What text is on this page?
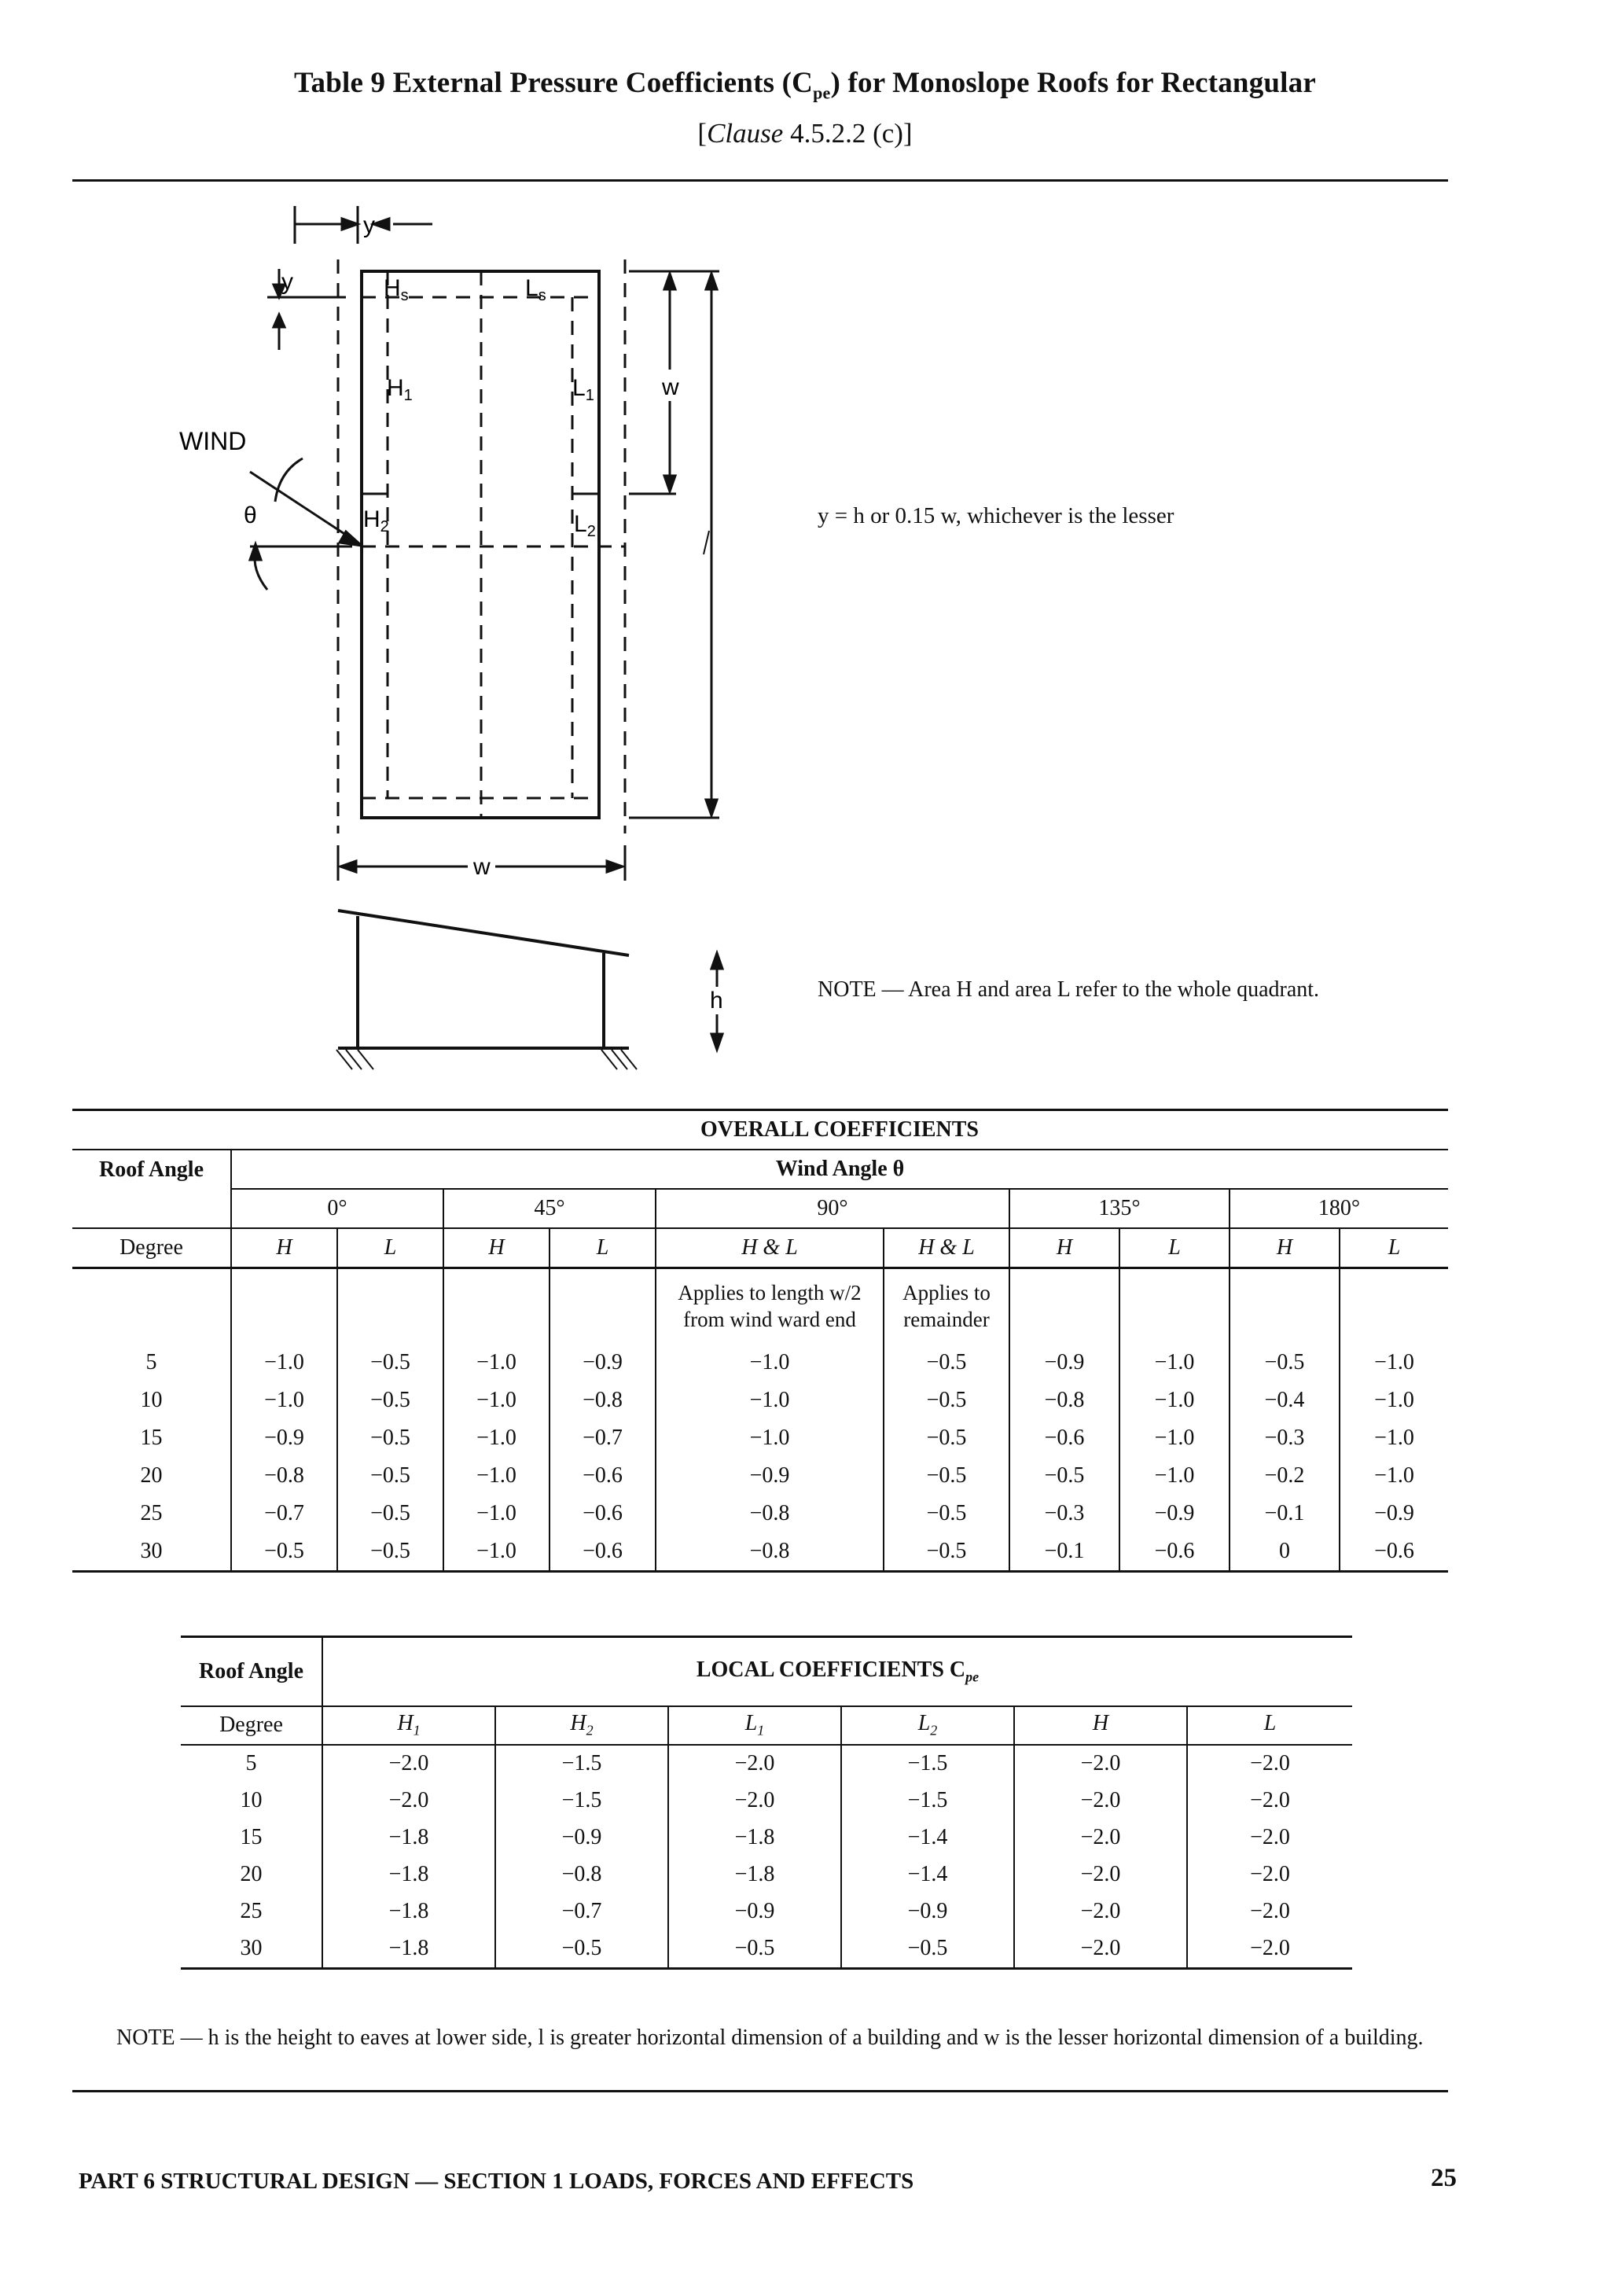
Table 9 External Pressure Coefficients $(C_{pe})$ for Monoslope Roofs for Rectangular
[Clause 4.5.2.2 (c)]
y
y	$H_s$	$L_s$
$H_1$	$L_1$
$H_2$	$L_2$
w
w
WIND
θ
h
y = h or 0.15 w, whichever is the lesser
NOTE — Area H and area L refer to the whole quadrant.
	OVERALL COEFFICIENTS									
Roof Angle	Wind Angle θ									
	0°		45°		90°		135°		180°	
Degree	H	L	H	L	H & L	H & L	H	L	H	L
					Applies to length w/2 from wind ward end	Applies to remainder				
5	−1.0	−0.5	−1.0	−0.9	−1.0	−0.5	−0.9	−1.0	−0.5	−1.0
10	−1.0	−0.5	−1.0	−0.8	−1.0	−0.5	−0.8	−1.0	−0.4	−1.0
15	−0.9	−0.5	−1.0	−0.7	−1.0	−0.5	−0.6	−1.0	−0.3	−1.0
20	−0.8	−0.5	−1.0	−0.6	−0.9	−0.5	−0.5	−1.0	−0.2	−1.0
25	−0.7	−0.5	−1.0	−0.6	−0.8	−0.5	−0.3	−0.9	−0.1	−0.9
30	−0.5	−0.5	−1.0	−0.6	−0.8	−0.5	−0.1	−0.6	0	−0.6
Roof Angle	LOCAL COEFFICIENTS $C_{pe}$
Degree	$H_1$	$H_2$	$L_1$	$L_2$	H	L
5	−2.0	−1.5	−2.0	−1.5	−2.0	−2.0
10	−2.0	−1.5	−2.0	−1.5	−2.0	−2.0
15	−1.8	−0.9	−1.8	−1.4	−2.0	−2.0
20	−1.8	−0.8	−1.8	−1.4	−2.0	−2.0
25	−1.8	−0.7	−0.9	−0.9	−2.0	−2.0
30	−1.8	−0.5	−0.5	−0.5	−2.0	−2.0
NOTE — h is the height to eaves at lower side, l is greater horizontal dimension of a building and w is the lesser horizontal dimension of a building.
PART 6 STRUCTURAL DESIGN — SECTION 1 LOADS, FORCES AND EFFECTS	25
